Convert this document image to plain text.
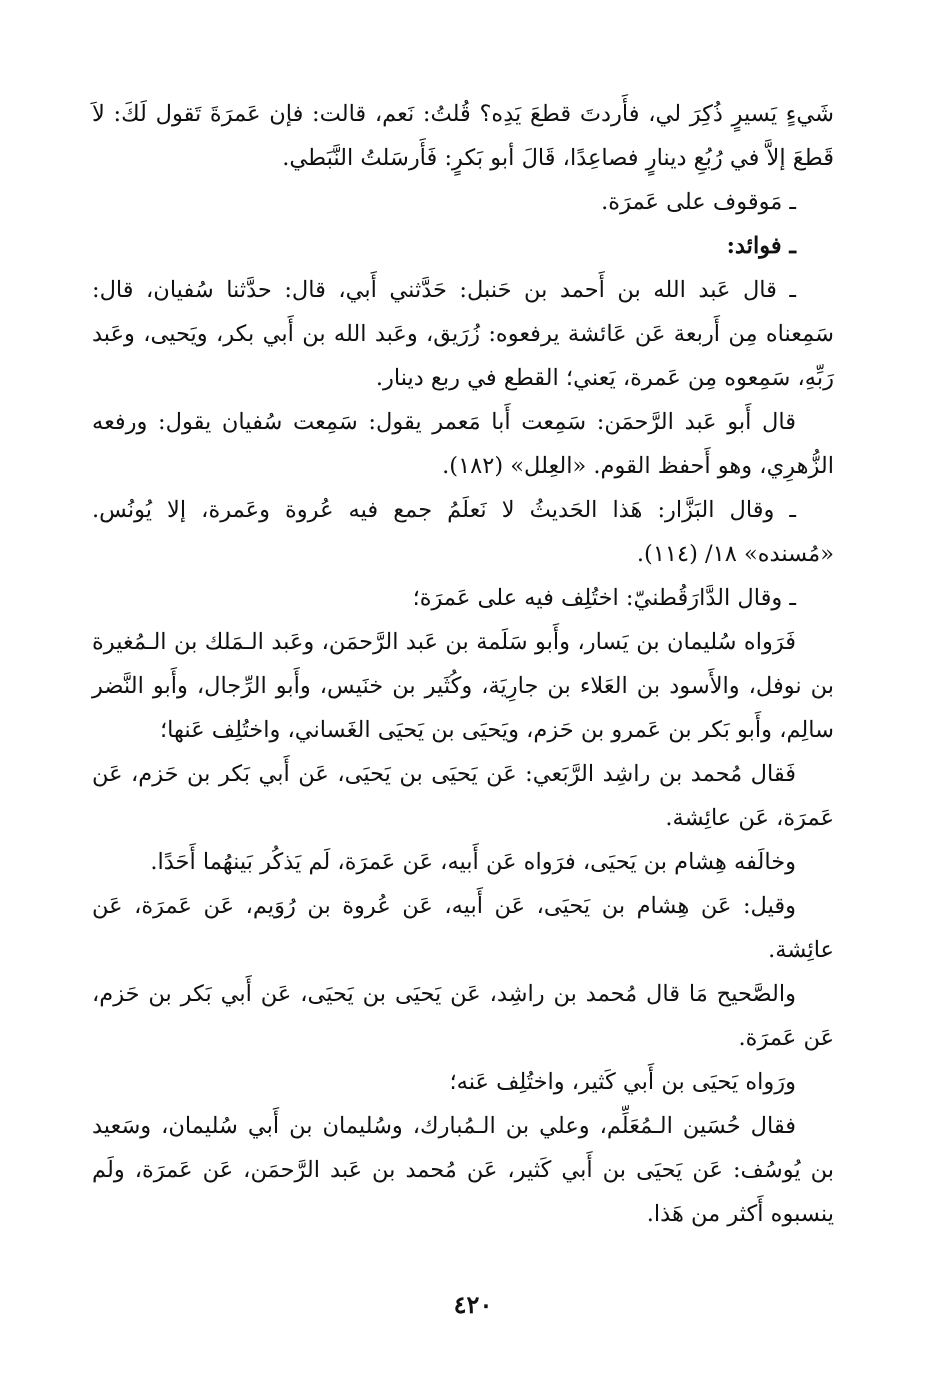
شَيءٍ يَسيرٍ ذُكِرَ لي، فأَردتَ قطعَ يَدِه؟ قُلتُ: نَعم، قالت: فإن عَمرَةَ تَقول لَكَ: لاَ قَطعَ إلاَّ في رُبُعِ دينارٍ فصاعِدًا، قَالَ أبو بَكرٍ: فَأَرسَلتُ النَّبَطي.

ـ مَوقوف على عَمرَة.

ـ فوائد:

ـ قال عَبد الله بن أَحمد بن حَنبل: حَدَّثني أَبي، قال: حدَّثنا سُفيان، قال: سَمِعناه مِن أَربعة عَن عَائشة يرفعوه: زُرَيق، وعَبد الله بن أَبي بكر، ويَحيى، وعَبد رَبِّهِ، سَمِعوه مِن عَمرة، يَعني؛ القطع في ربع دينار.

قال أَبو عَبد الرَّحمَن: سَمِعت أَبا مَعمر يقول: سَمِعت سُفيان يقول: ورفعه الزُّهرِي، وهو أَحفظ القوم. «العِلل» (١٨٢).

ـ وقال البَزَّار: هَذا الحَديثُ لا نَعلَمُ جمع فيه عُروة وعَمرة، إلا يُونُس. «مُسنده» ١٨/ (١١٤).

ـ وقال الدَّارَقُطنيّ: اختُلِف فيه على عَمرَة؛

فَرَواه سُليمان بن يَسار، وأَبو سَلَمة بن عَبد الرَّحمَن، وعَبد الـمَلك بن الـمُغيرة بن نوفل، والأَسود بن العَلاء بن جارِيَة، وكُثَير بن خنَيس، وأَبو الرِّجال، وأَبو النَّضر سالِم، وأَبو بَكر بن عَمرو بن حَزم، ويَحيَى بن يَحيَى الغَساني، واختُلِف عَنها؛

فَقال مُحمد بن راشِد الرَّبَعي: عَن يَحيَى بن يَحيَى، عَن أَبي بَكر بن حَزم، عَن عَمرَة، عَن عائِشة.

وخالَفه هِشام بن يَحيَى، فرَواه عَن أَبيه، عَن عَمرَة، لَم يَذكُر بَينهُما أَحَدًا.

وقيل: عَن هِشام بن يَحيَى، عَن أَبيه، عَن عُروة بن رُوَيم، عَن عَمرَة، عَن عائِشة.

والصَّحيح مَا قال مُحمد بن راشِد، عَن يَحيَى بن يَحيَى، عَن أَبي بَكر بن حَزم، عَن عَمرَة.

ورَواه يَحيَى بن أَبي كَثير، واختُلِف عَنه؛

فقال حُسَين الـمُعَلِّم، وعلي بن الـمُبارك، وسُليمان بن أَبي سُليمان، وسَعيد بن يُوسُف: عَن يَحيَى بن أَبي كَثير، عَن مُحمد بن عَبد الرَّحمَن، عَن عَمرَة، ولَم ينسبوه أَكثر من هَذا.

٤٢٠
